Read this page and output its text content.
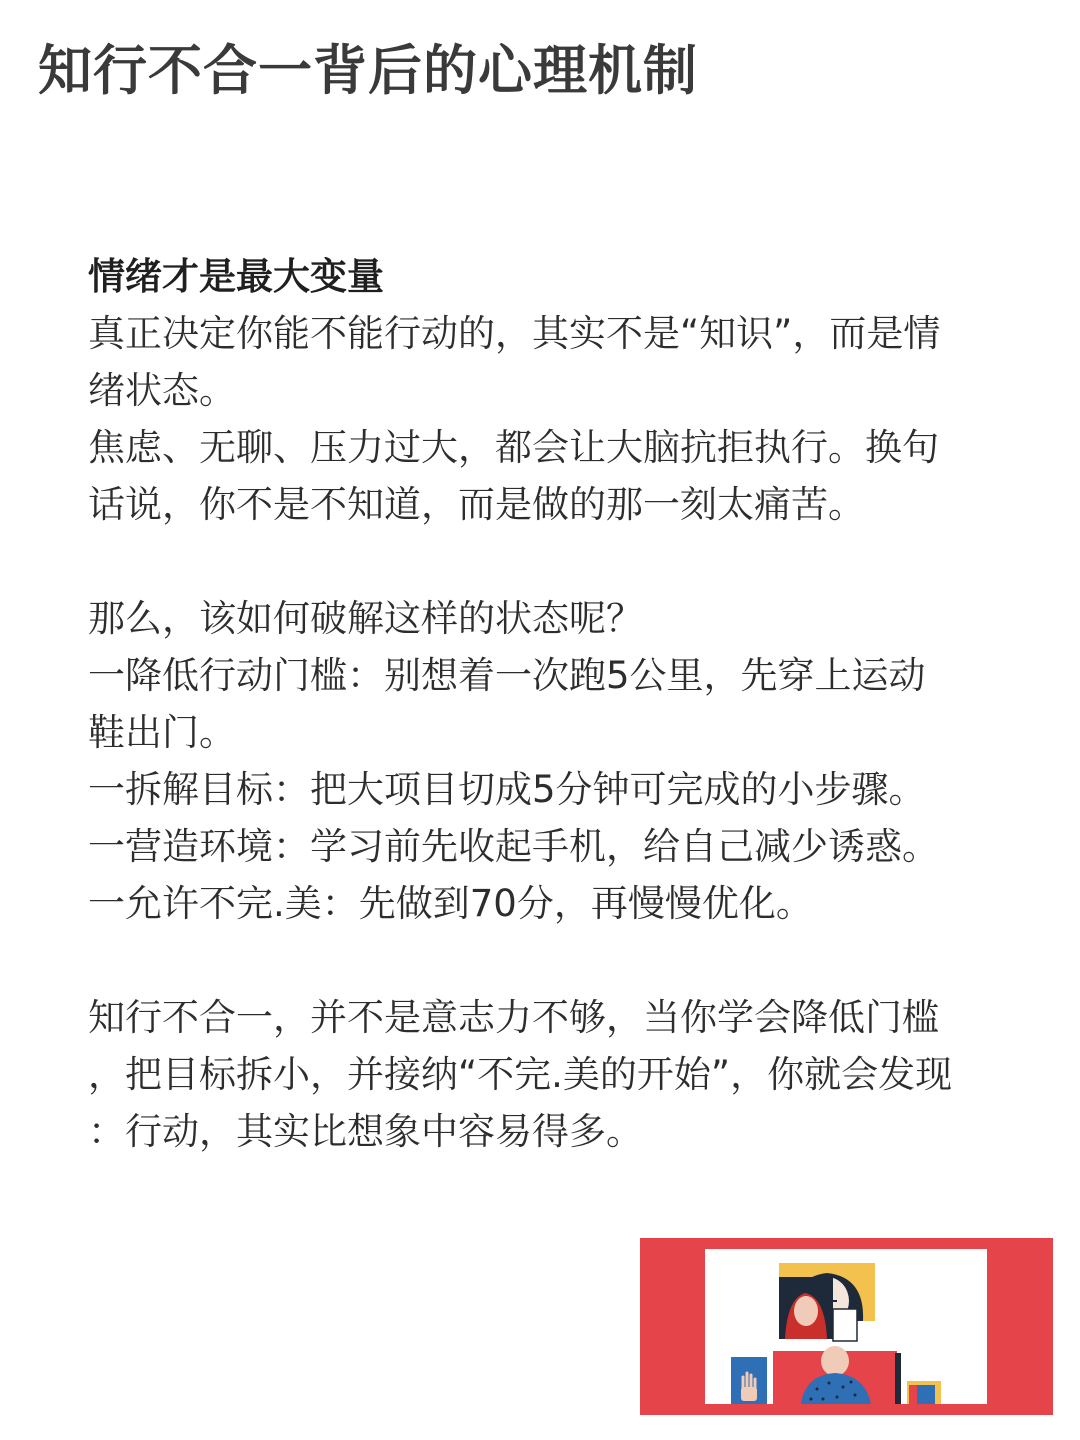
知行不合一背后的心理机制
情绪才是最大变量
真正决定你能不能行动的，其实不是“知识”，而是情
绪状态。
焦虑、无聊、压力过大，都会让大脑抗拒执行。换句
话说，你不是不知道，而是做的那一刻太痛苦。
那么，该如何破解这样的状态呢？
一降低行动门槛：别想着一次跑5公里，先穿上运动
鞋出门。
一拆解目标：把大项目切成5分钟可完成的小步骤。
一营造环境：学习前先收起手机，给自己减少诱惑。
一允许不完.美：先做到70分，再慢慢优化。
知行不合一，并不是意志力不够，当你学会降低门槛
，把目标拆小，并接纳“不完.美的开始”，你就会发现
：行动，其实比想象中容易得多。
